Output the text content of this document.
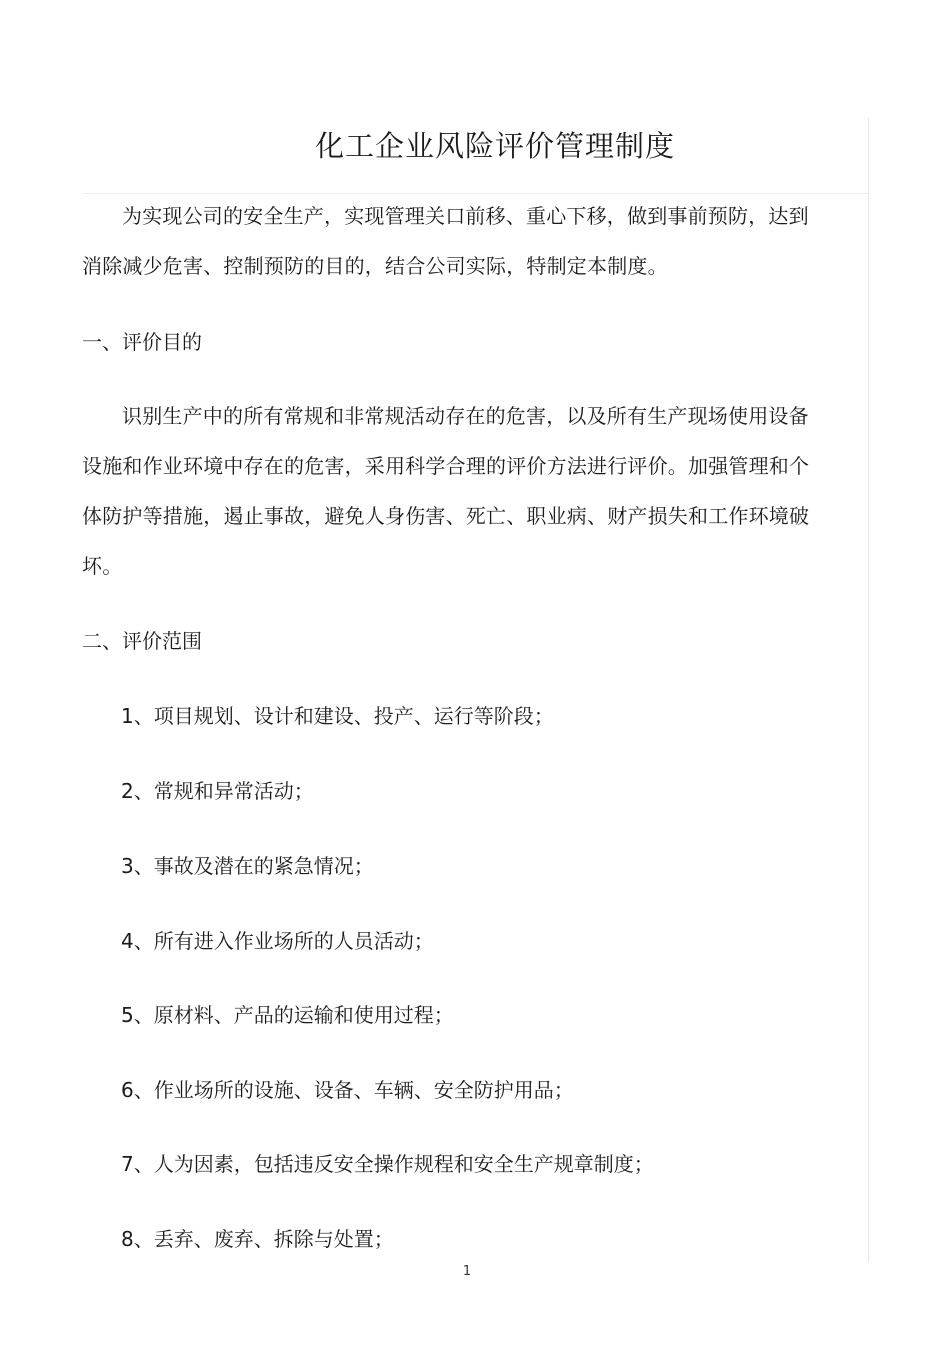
化工企业风险评价管理制度

为实现公司的安全生产，实现管理关口前移、重心下移，做到事前预防，达到消除减少危害、控制预防的目的，结合公司实际，特制定本制度。

一、评价目的

识别生产中的所有常规和非常规活动存在的危害，以及所有生产现场使用设备设施和作业环境中存在的危害，采用科学合理的评价方法进行评价。加强管理和个体防护等措施，遏止事故，避免人身伤害、死亡、职业病、财产损失和工作环境破坏。

二、评价范围

1、项目规划、设计和建设、投产、运行等阶段；

2、常规和异常活动；

3、事故及潜在的紧急情况；

4、所有进入作业场所的人员活动；

5、原材料、产品的运输和使用过程；

6、作业场所的设施、设备、车辆、安全防护用品；

7、人为因素，包括违反安全操作规程和安全生产规章制度；

8、丢弃、废弃、拆除与处置；

1
